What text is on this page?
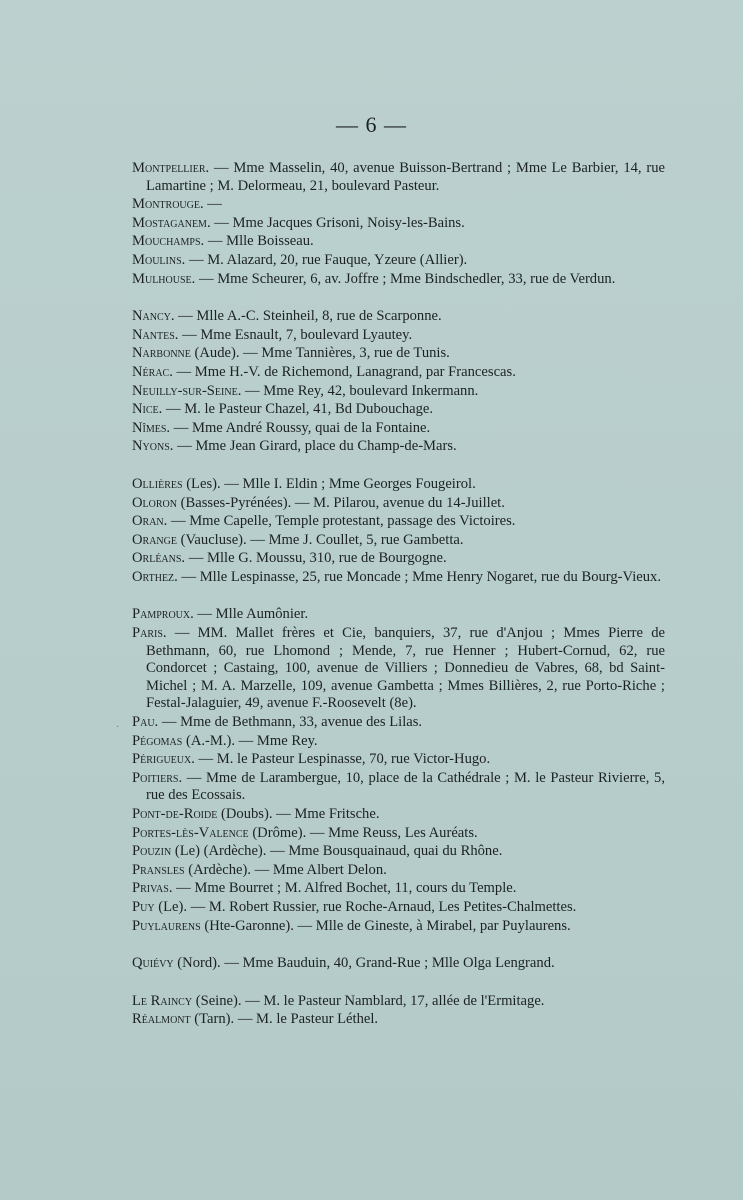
— 6 —

Montpellier. — Mme Masselin, 40, avenue Buisson-Bertrand ; Mme Le Barbier, 14, rue Lamartine ; M. Delormeau, 21, boulevard Pasteur.

Montrouge. —

Mostaganem. — Mme Jacques Grisoni, Noisy-les-Bains.

Mouchamps. — Mlle Boisseau.

Moulins. — M. Alazard, 20, rue Fauque, Yzeure (Allier).

Mulhouse. — Mme Scheurer, 6, av. Joffre ; Mme Bindschedler, 33, rue de Verdun.

Nancy. — Mlle A.-C. Steinheil, 8, rue de Scarponne.

Nantes. — Mme Esnault, 7, boulevard Lyautey.

Narbonne (Aude). — Mme Tannières, 3, rue de Tunis.

Nérac. — Mme H.-V. de Richemond, Lanagrand, par Francescas.

Neuilly-sur-Seine. — Mme Rey, 42, boulevard Inkermann.

Nice. — M. le Pasteur Chazel, 41, Bd Dubouchage.

Nîmes. — Mme André Roussy, quai de la Fontaine.

Nyons. — Mme Jean Girard, place du Champ-de-Mars.

Ollières (Les). — Mlle I. Eldin ; Mme Georges Fougeirol.

Oloron (Basses-Pyrénées). — M. Pilarou, avenue du 14-Juillet.

Oran. — Mme Capelle, Temple protestant, passage des Victoires.

Orange (Vaucluse). — Mme J. Coullet, 5, rue Gambetta.

Orléans. — Mlle G. Moussu, 310, rue de Bourgogne.

Orthez. — Mlle Lespinasse, 25, rue Moncade ; Mme Henry Nogaret, rue du Bourg-Vieux.

Pamproux. — Mlle Aumônier.

Paris. — MM. Mallet frères et Cie, banquiers, 37, rue d'Anjou ; Mmes Pierre de Bethmann, 60, rue Lhomond ; Mende, 7, rue Henner ; Hubert-Cornud, 62, rue Condorcet ; Castaing, 100, avenue de Villiers ; Donnedieu de Vabres, 68, bd Saint-Michel ; M. A. Marzelle, 109, avenue Gambetta ; Mmes Billières, 2, rue Porto-Riche ; Festal-Jalaguier, 49, avenue F.-Roosevelt (8e).

Pau. — Mme de Bethmann, 33, avenue des Lilas.

Pégomas (A.-M.). — Mme Rey.

Périgueux. — M. le Pasteur Lespinasse, 70, rue Victor-Hugo.

Poitiers. — Mme de Larambergue, 10, place de la Cathédrale ; M. le Pasteur Rivierre, 5, rue des Ecossais.

Pont-de-Roide (Doubs). — Mme Fritsche.

Portes-lès-Valence (Drôme). — Mme Reuss, Les Auréats.

Pouzin (Le) (Ardèche). — Mme Bousquainaud, quai du Rhône.

Pransles (Ardèche). — Mme Albert Delon.

Privas. — Mme Bourret ; M. Alfred Bochet, 11, cours du Temple.

Puy (Le). — M. Robert Russier, rue Roche-Arnaud, Les Petites-Chalmettes.

Puylaurens (Hte-Garonne). — Mlle de Gineste, à Mirabel, par Puylaurens.

Quiévy (Nord). — Mme Bauduin, 40, Grand-Rue ; Mlle Olga Lengrand.

Le Raincy (Seine). — M. le Pasteur Namblard, 17, allée de l'Ermitage.

Réalmont (Tarn). — M. le Pasteur Léthel.

·
